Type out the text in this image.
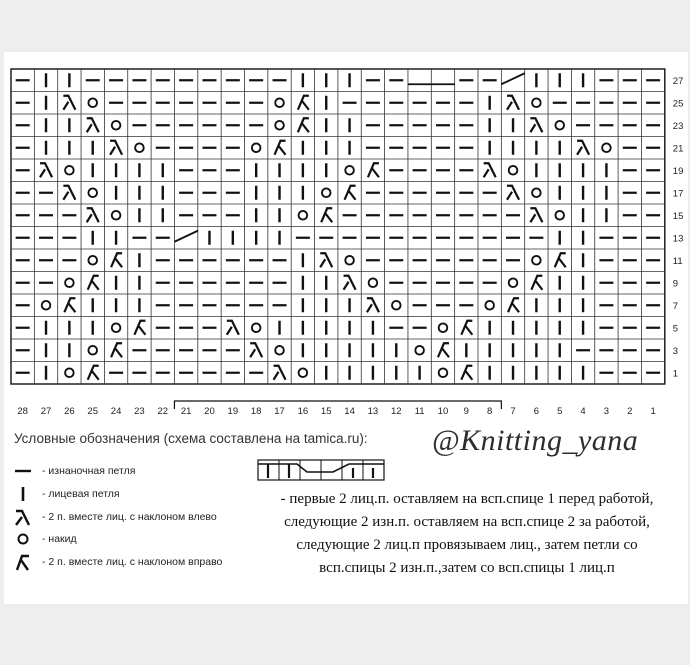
27
25
23
21
19
17
15
13
11
9
7
5
3
1
28 27 26 25 24 23 22 21 20 19 18 17 16 15 14 13 12 11 10 9 8 7 6 5 4 3 2 1
Условные обозначения (схема составлена на tamica.ru): @Knitting_yana
- изнаночная петля
- лицевая петля
- 2 п. вместе лиц. с наклоном влево
- накид
- 2 п. вместе лиц. с наклоном вправо
- первые 2 лиц.п. оставляем на всп.спице 1 перед работой,
следующие 2 изн.п. оставляем на всп.спице 2 за работой,
следующие 2 лиц.п провязываем лиц., затем петли со
всп.спицы 2 изн.п.,затем со всп.спицы 1 лиц.п
